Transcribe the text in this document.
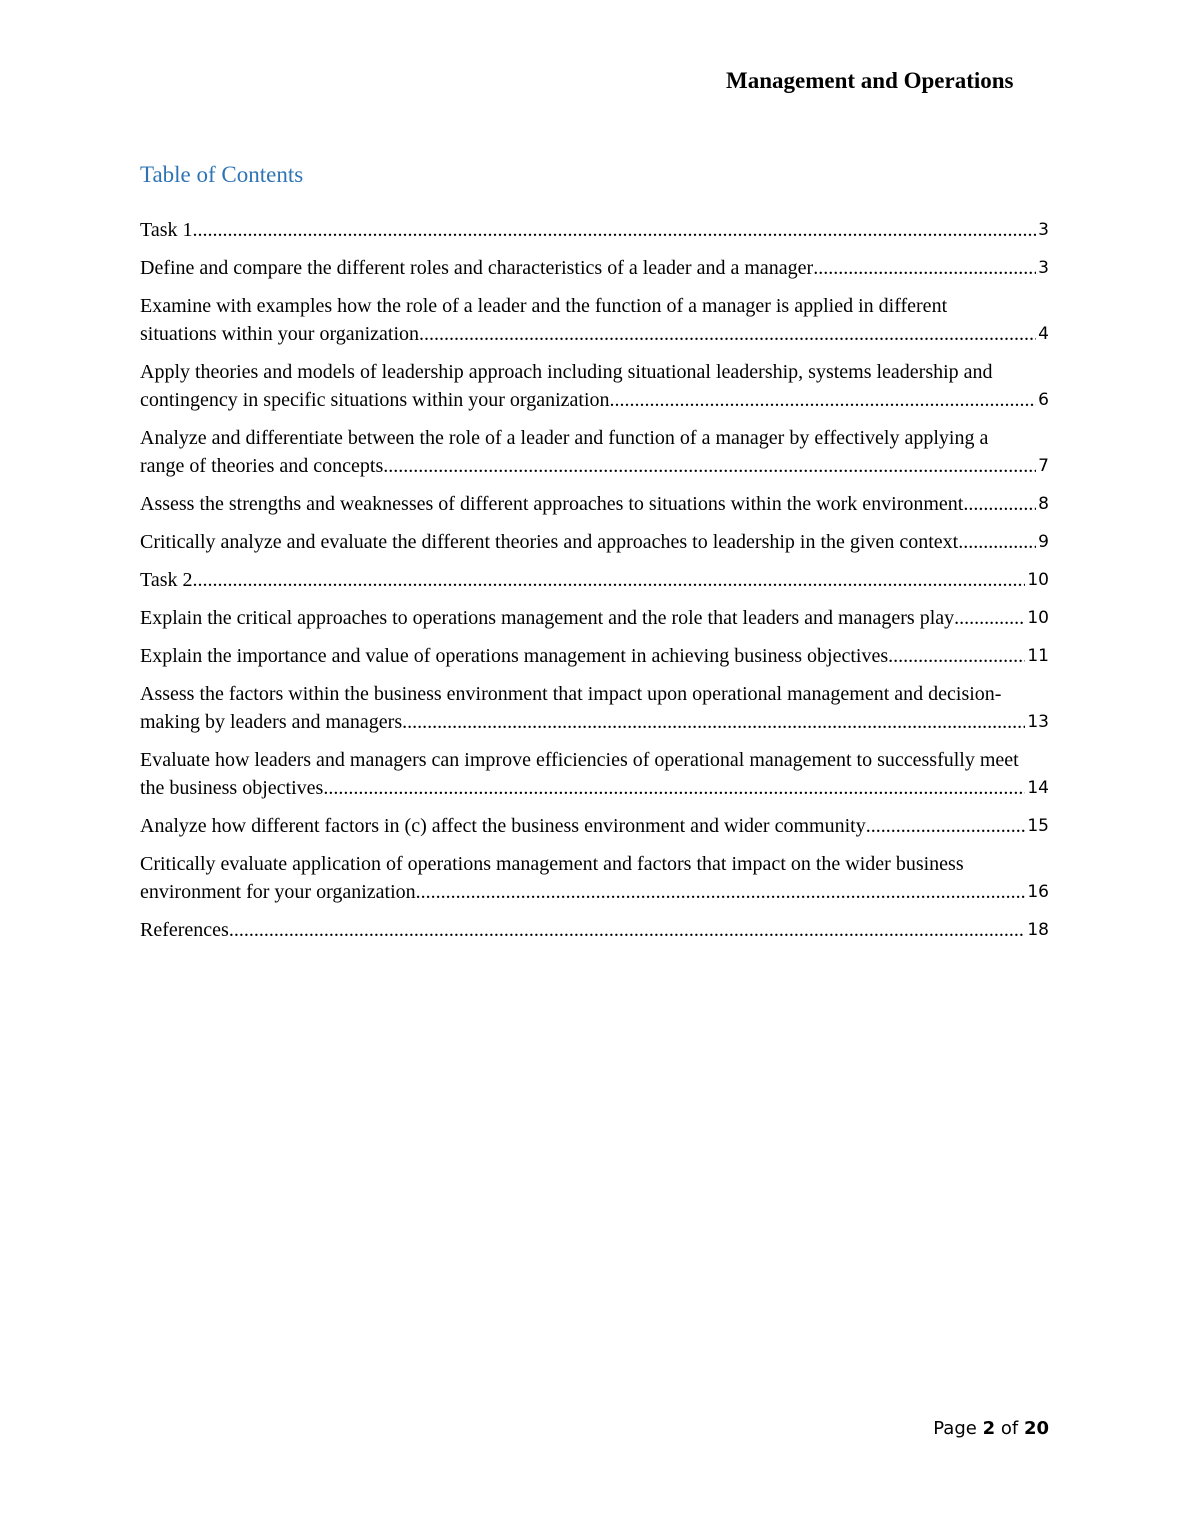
Management and Operations
Table of Contents
Task 1 .....	3
Define and compare the different roles and characteristics of a leader and a manager .....	3
Examine with examples how the role of a leader and the function of a manager is applied in different situations within your organization .....	4
Apply theories and models of leadership approach including situational leadership, systems leadership and contingency in specific situations within your organization. .....	6
Analyze and differentiate between the role of a leader and function of a manager by effectively applying a range of theories and concepts. .....	7
Assess the strengths and weaknesses of different approaches to situations within the work environment .....	8
Critically analyze and evaluate the different theories and approaches to leadership in the given context. .....	9
Task 2 .....	10
Explain the critical approaches to operations management and the role that leaders and managers play .....	10
Explain the importance and value of operations management in achieving business objectives .....	11
Assess the factors within the business environment that impact upon operational management and decision-making by leaders and managers .....	13
Evaluate how leaders and managers can improve efficiencies of operational management to successfully meet the business objectives .....	14
Analyze how different factors in (c) affect the business environment and wider community .....	15
Critically evaluate application of operations management and factors that impact on the wider business environment for your organization .....	16
References .....	18
Page 2 of 20
